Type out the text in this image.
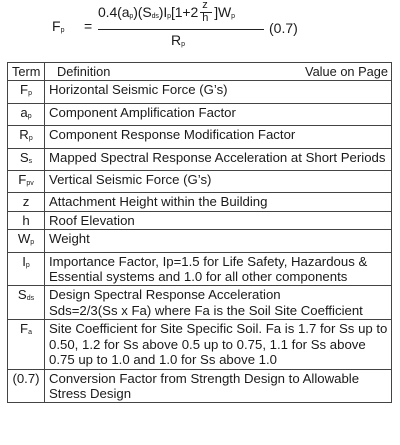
Fp =
$0.4(ap)(Sds)Ip[1+2 \frac{z}{h} ]Wp$
Rp
(0.7)
Term	Definition Value on Page

Fp	Horizontal Seismic Force (G’s)

ap	Component Amplification Factor

Rp	Component Response Modification Factor

Ss	Mapped Spectral Response Acceleration at Short Periods

Fpv	Vertical Seismic Force (G’s)

z	Attachment Height within the Building

h	Roof Elevation

Wp	Weight

Ip	Importance Factor, Ip=1.5 for Life Safety, Hazardous & Essential systems and 1.0 for all other components

Sds	Design Spectral Response Acceleration
Sds=2/3(Ss x Fa) where Fa is the Soil Site Coefficient

Fa	Site Coefficient for Site Specific Soil. Fa is 1.7 for Ss up to 0.50, 1.2 for Ss above 0.5 up to 0.75, 1.1 for Ss above 0.75 up to 1.0 and 1.0 for Ss above 1.0

(0.7)	Conversion Factor from Strength Design to Allowable Stress Design
